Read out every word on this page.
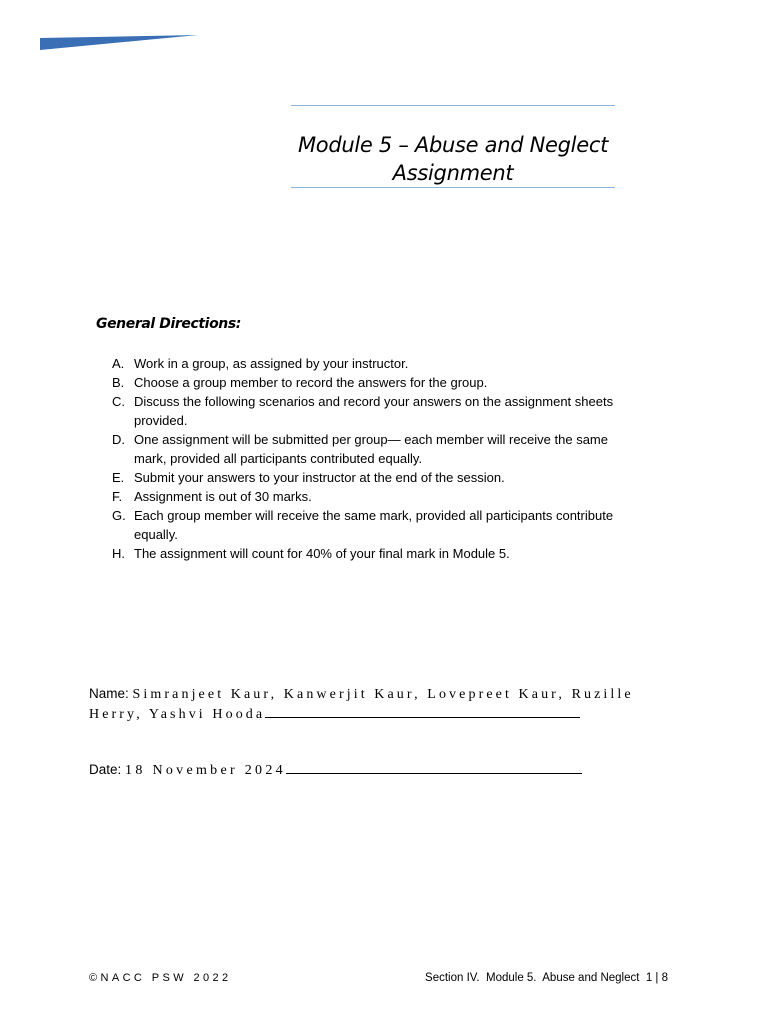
Module 5 – Abuse and Neglect
Assignment
General Directions:
A. Work in a group, as assigned by your instructor.
B. Choose a group member to record the answers for the group.
C. Discuss the following scenarios and record your answers on the assignment sheets provided.
D. One assignment will be submitted per group— each member will receive the same mark, provided all participants contributed equally.
E. Submit your answers to your instructor at the end of the session.
F. Assignment is out of 30 marks.
G. Each group member will receive the same mark, provided all participants contribute equally.
H. The assignment will count for 40% of your final mark in Module 5.
Name: Simranjeet Kaur, Kanwerjit Kaur, Lovepreet Kaur, Ruzille Herry, Yashvi Hooda
Date: 18 November 2024
©NACC PSW 2022	Section IV.  Module 5.  Abuse and Neglect  1 | 8
